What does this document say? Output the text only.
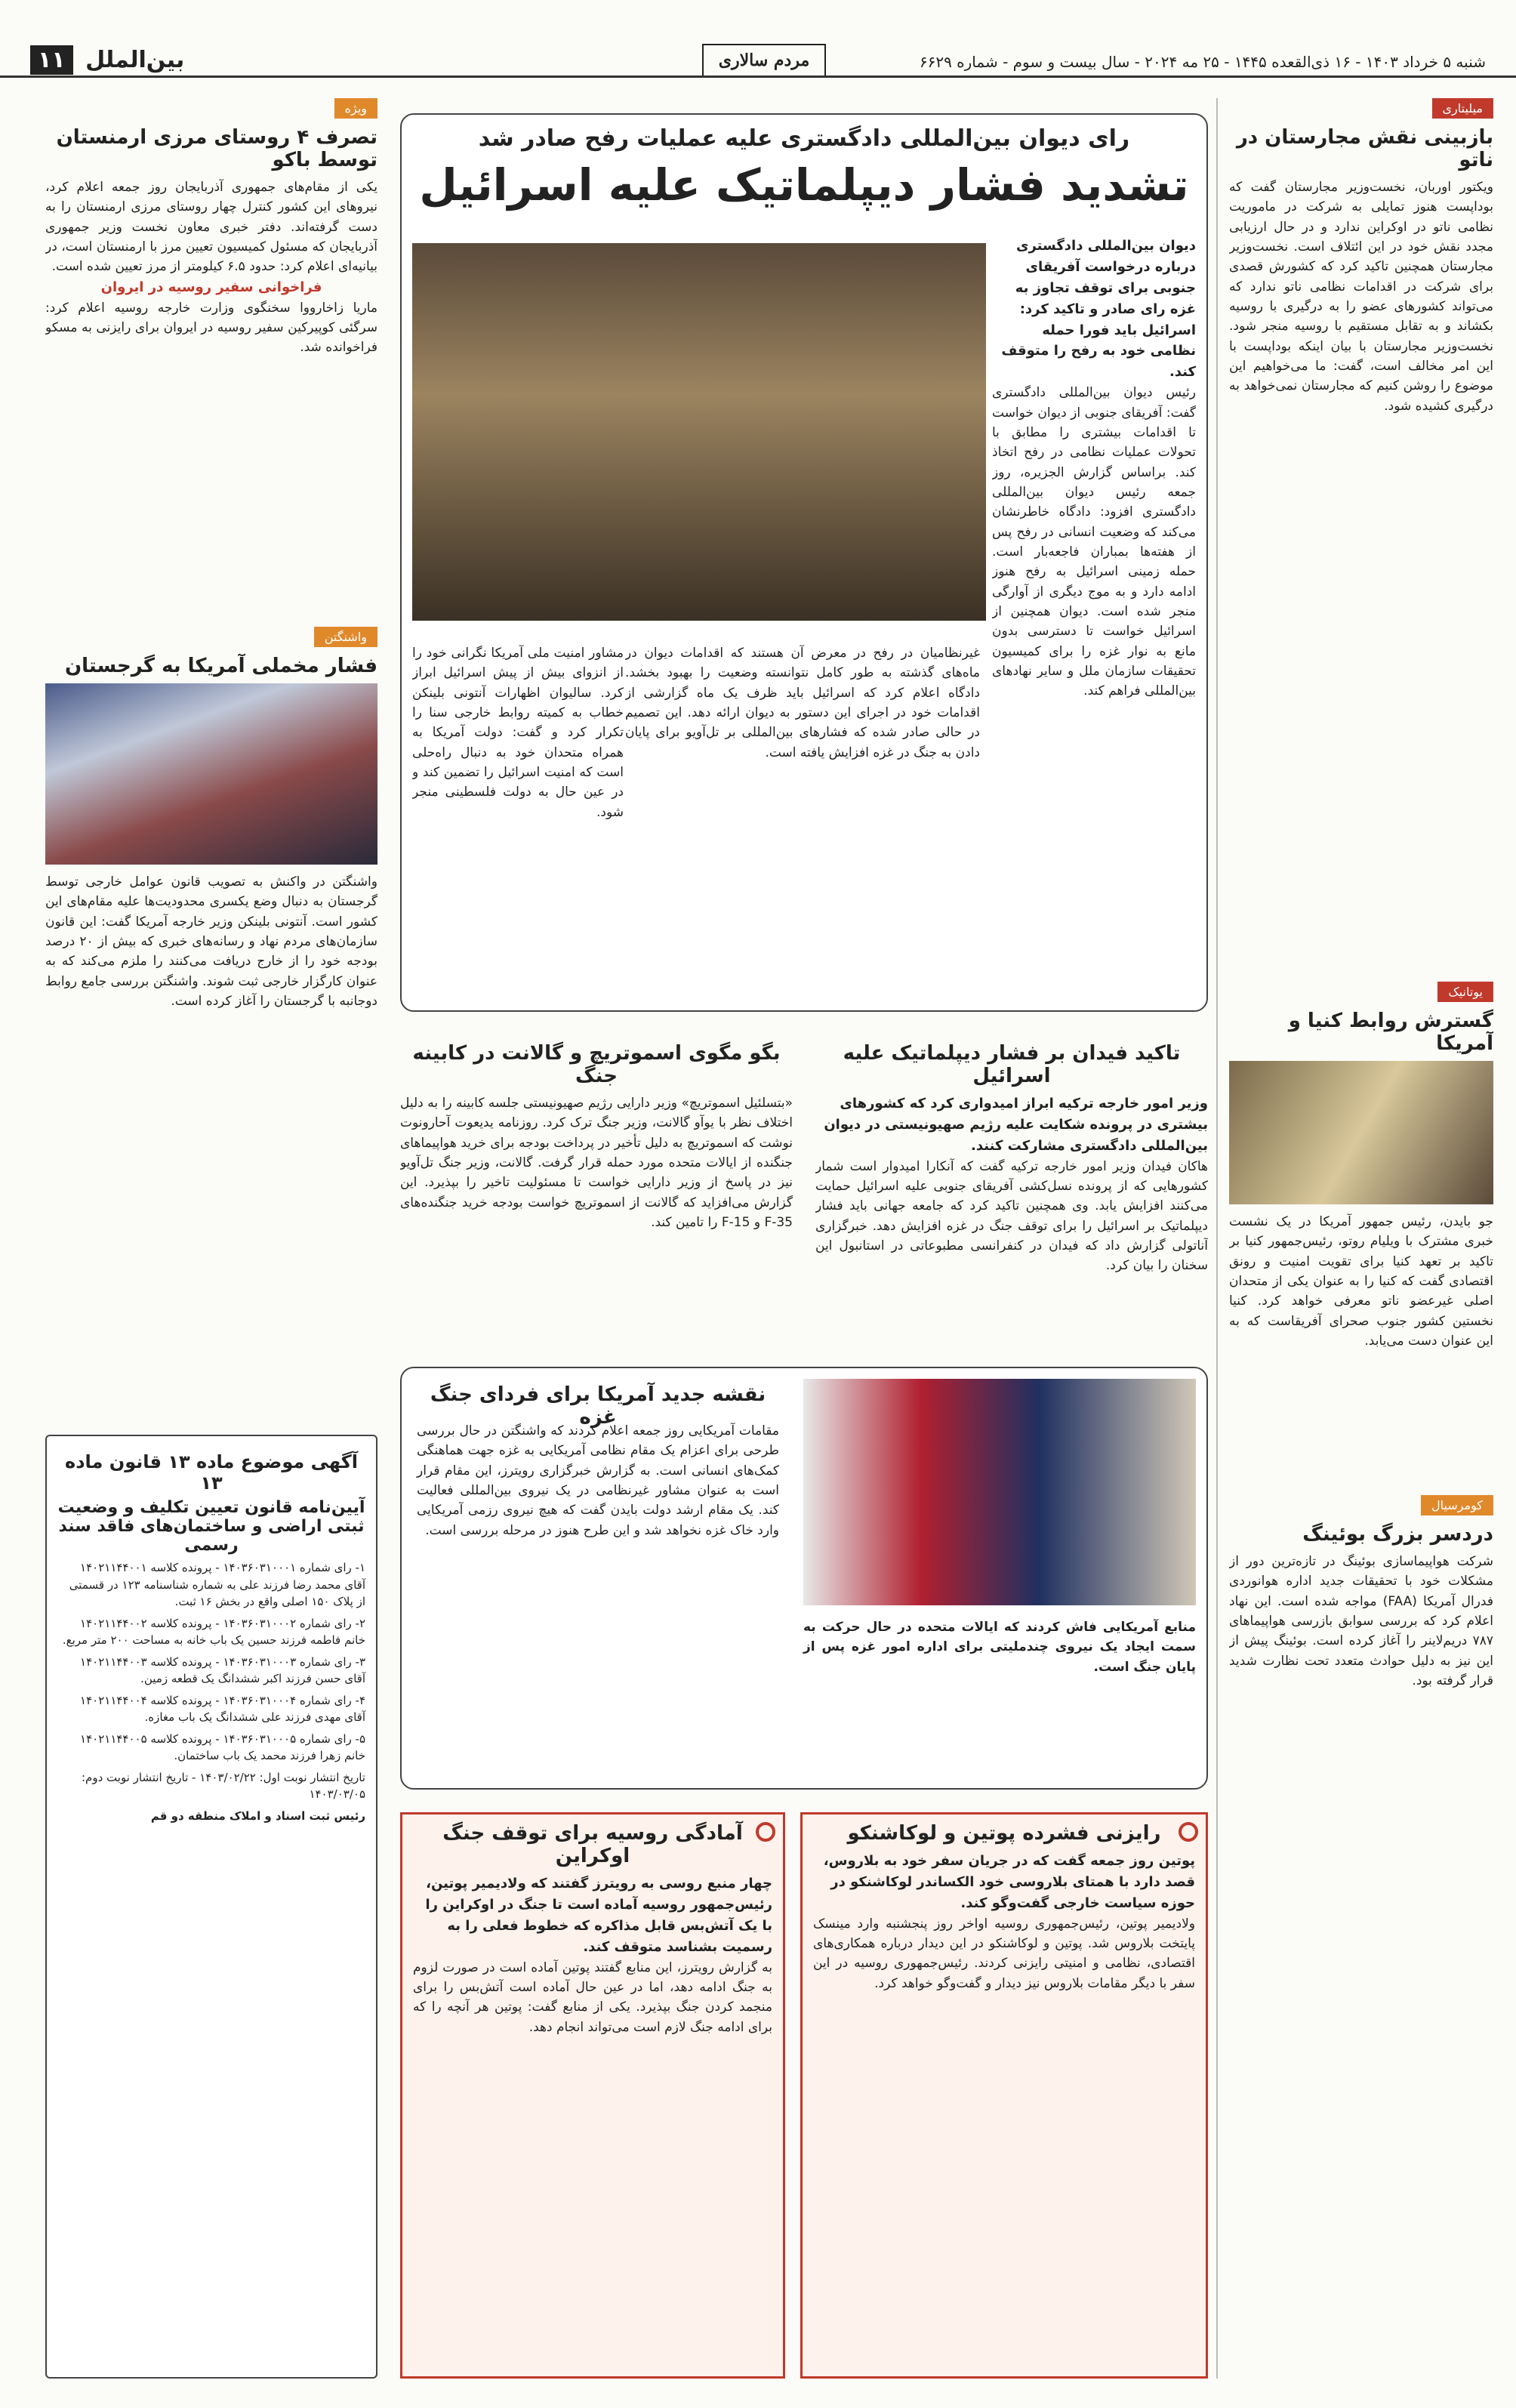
بین‌الملل ۱۱	مردم سالاری	شنبه ۵ خرداد ۱۴۰۳ - ۱۶ ذی‌القعده ۱۴۴۵ - ۲۵ مه ۲۰۲۴ - سال بیست و سوم - شماره ۶۶۲۹
میلیتاری
بازبینی نقش مجارستان در ناتو
ویکتور اوربان، نخست‌وزیر مجارستان گفت که بوداپست هنوز تمایلی به شرکت در ماموریت نظامی ناتو در اوکراین ندارد و در حال ارزیابی مجدد نقش خود در این ائتلاف است. نخست‌وزیر مجارستان همچنین تاکید کرد که کشورش قصدی برای شرکت در اقدامات نظامی ناتو ندارد که می‌تواند کشورهای عضو را به درگیری با روسیه بکشاند و به تقابل مستقیم با روسیه منجر شود. نخست‌وزیر مجارستان با بیان اینکه بوداپست با این امر مخالف است، گفت: ما می‌خواهیم این موضوع را روشن کنیم که مجارستان نمی‌خواهد به درگیری کشیده شود.
یوتانیک
گسترش روابط کنیا و آمریکا
جو بایدن، رئیس جمهور آمریکا در یک نشست خبری مشترک با ویلیام روتو، رئیس‌جمهور کنیا بر تاکید بر تعهد کنیا برای تقویت امنیت و رونق اقتصادی گفت که کنیا را به عنوان یکی از متحدان اصلی غیرعضو ناتو معرفی خواهد کرد. کنیا نخستین کشور جنوب صحرای آفریقاست که به این عنوان دست می‌یابد.
کومرسیال
دردسر بزرگ بوئینگ
شرکت هواپیماسازی بوئینگ در تازه‌ترین دور از مشکلات خود با تحقیقات جدید اداره هوانوردی فدرال آمریکا (FAA) مواجه شده است. این نهاد اعلام کرد که بررسی سوابق بازرسی هواپیماهای ۷۸۷ دریم‌لاینر را آغاز کرده است. بوئینگ پیش از این نیز به دلیل حوادث متعدد تحت نظارت شدید قرار گرفته بود.
رای دیوان بین‌المللی دادگستری علیه عملیات رفح صادر شد
تشدید فشار دیپلماتیک علیه اسرائیل
دیوان بین‌المللی دادگستری درباره درخواست آفریقای جنوبی برای توقف تجاوز به غزه رای صادر و تاکید کرد: اسرائیل باید فورا حمله نظامی خود به رفح را متوقف کند.
رئیس دیوان بین‌المللی دادگستری گفت: آفریقای جنوبی از دیوان خواست تا اقدامات بیشتری را مطابق با تحولات عملیات نظامی در رفح اتخاذ کند. براساس گزارش الجزیره، روز جمعه رئیس دیوان بین‌المللی دادگستری افزود: دادگاه خاطرنشان می‌کند که وضعیت انسانی در رفح پس از هفته‌ها بمباران فاجعه‌بار است. حمله زمینی اسرائیل به رفح هنوز ادامه دارد و به موج دیگری از آوارگی منجر شده است. دیوان همچنین از اسرائیل خواست تا دسترسی بدون مانع به نوار غزه را برای کمیسیون تحقیقات سازمان ملل و سایر نهادهای بین‌المللی فراهم کند.
غیرنظامیان در رفح در معرض آن هستند که اقدامات دیوان در ماه‌های گذشته به طور کامل نتوانسته وضعیت را بهبود بخشد. دادگاه اعلام کرد که اسرائیل باید ظرف یک ماه گزارشی از اقدامات خود در اجرای این دستور به دیوان ارائه دهد. این تصمیم در حالی صادر شده که فشارهای بین‌المللی بر تل‌آویو برای پایان دادن به جنگ در غزه افزایش یافته است.
مشاور امنیت ملی آمریکا نگرانی خود را از انزوای بیش از پیش اسرائیل ابراز کرد. سالیوان اظهارات آنتونی بلینکن خطاب به کمیته روابط خارجی سنا را تکرار کرد و گفت: دولت آمریکا به همراه متحدان خود به دنبال راه‌حلی است که امنیت اسرائیل را تضمین کند و در عین حال به دولت فلسطینی منجر شود.
بگو مگوی اسموتریچ و گالانت در کابینه جنگ
«بتسلئیل اسموتریچ» وزیر دارایی رژیم صهیونیستی جلسه کابینه را به دلیل اختلاف نظر با یوآو گالانت، وزیر جنگ ترک کرد. روزنامه یدیعوت آحارونوت نوشت که اسموتریچ به دلیل تأخیر در پرداخت بودجه برای خرید هواپیماهای جنگنده از ایالات متحده مورد حمله قرار گرفت. گالانت، وزیر جنگ تل‌آویو نیز در پاسخ از وزیر دارایی خواست تا مسئولیت تاخیر را بپذیرد. این گزارش می‌افزاید که گالانت از اسموتریچ خواست بودجه خرید جنگنده‌های F-35 و F-15 را تامین کند.
تاکید فیدان بر فشار دیپلماتیک علیه اسرائیل
وزیر امور خارجه ترکیه ابراز امیدواری کرد که کشورهای بیشتری در پرونده شکایت علیه رژیم صهیونیستی در دیوان بین‌المللی دادگستری مشارکت کنند.
هاکان فیدان وزیر امور خارجه ترکیه گفت که آنکارا امیدوار است شمار کشورهایی که از پرونده نسل‌کشی آفریقای جنوبی علیه اسرائیل حمایت می‌کنند افزایش یابد. وی همچنین تاکید کرد که جامعه جهانی باید فشار دیپلماتیک بر اسرائیل را برای توقف جنگ در غزه افزایش دهد. خبرگزاری آناتولی گزارش داد که فیدان در کنفرانسی مطبوعاتی در استانبول این سخنان را بیان کرد.
نقشه جدید آمریکا برای فردای جنگ غزه
مقامات آمریکایی روز جمعه اعلام کردند که واشنگتن در حال بررسی طرحی برای اعزام یک مقام نظامی آمریکایی به غزه جهت هماهنگی کمک‌های انسانی است. به گزارش خبرگزاری رویترز، این مقام قرار است به عنوان مشاور غیرنظامی در یک نیروی بین‌المللی فعالیت کند. یک مقام ارشد دولت بایدن گفت که هیچ نیروی رزمی آمریکایی وارد خاک غزه نخواهد شد و این طرح هنوز در مرحله بررسی است.
منابع آمریکایی فاش کردند که ایالات متحده در حال حرکت به سمت ایجاد یک نیروی چندملیتی برای اداره امور غزه پس از پایان جنگ است.
ویژه
تصرف ۴ روستای مرزی ارمنستان توسط باکو
یکی از مقام‌های جمهوری آذربایجان روز جمعه اعلام کرد، نیروهای این کشور کنترل چهار روستای مرزی ارمنستان را به دست گرفته‌اند. دفتر خبری معاون نخست وزیر جمهوری آذربایجان که مسئول کمیسیون تعیین مرز با ارمنستان است، در بیانیه‌ای اعلام کرد: حدود ۶.۵ کیلومتر از مرز تعیین شده است.
فراخوانی سفیر روسیه در ایروان
ماریا زاخارووا سخنگوی وزارت خارجه روسیه اعلام کرد: سرگئی کوپیرکین سفیر روسیه در ایروان برای رایزنی به مسکو فراخوانده شد.
واشنگتن
فشار مخملی آمریکا به گرجستان
واشنگتن در واکنش به تصویب قانون عوامل خارجی توسط گرجستان به دنبال وضع یکسری محدودیت‌ها علیه مقام‌های این کشور است. آنتونی بلینکن وزیر خارجه آمریکا گفت: این قانون سازمان‌های مردم نهاد و رسانه‌های خبری که بیش از ۲۰ درصد بودجه خود را از خارج دریافت می‌کنند را ملزم می‌کند که به عنوان کارگزار خارجی ثبت شوند. واشنگتن بررسی جامع روابط دوجانبه با گرجستان را آغاز کرده است.
آگهی موضوع ماده ۱۳ قانون ماده ۱۳
آیین‌نامه قانون تعیین تکلیف و وضعیت ثبتی اراضی و ساختمان‌های فاقد سند رسمی
۱- رای شماره ۱۴۰۳۶۰۳۱۰۰۰۱ - پرونده کلاسه ۱۴۰۲۱۱۴۴۰۰۱ آقای محمد رضا فرزند علی به شماره شناسنامه ۱۲۳ در قسمتی از پلاک ۱۵۰ اصلی واقع در بخش ۱۶ ثبت.
۲- رای شماره ۱۴۰۳۶۰۳۱۰۰۰۲ - پرونده کلاسه ۱۴۰۲۱۱۴۴۰۰۲ خانم فاطمه فرزند حسین یک باب خانه به مساحت ۲۰۰ متر مربع.
۳- رای شماره ۱۴۰۳۶۰۳۱۰۰۰۳ - پرونده کلاسه ۱۴۰۲۱۱۴۴۰۰۳ آقای حسن فرزند اکبر ششدانگ یک قطعه زمین.
۴- رای شماره ۱۴۰۳۶۰۳۱۰۰۰۴ - پرونده کلاسه ۱۴۰۲۱۱۴۴۰۰۴ آقای مهدی فرزند علی ششدانگ یک باب مغازه.
۵- رای شماره ۱۴۰۳۶۰۳۱۰۰۰۵ - پرونده کلاسه ۱۴۰۲۱۱۴۴۰۰۵ خانم زهرا فرزند محمد یک باب ساختمان.
تاریخ انتشار نوبت اول: ۱۴۰۳/۰۲/۲۲ - تاریخ انتشار نوبت دوم: ۱۴۰۳/۰۳/۰۵
رئیس ثبت اسناد و املاک منطقه دو قم
رایزنی فشرده پوتین و لوکاشنکو
پوتین روز جمعه گفت که در جریان سفر خود به بلاروس، قصد دارد با همتای بلاروسی خود الکساندر لوکاشنکو در حوزه سیاست خارجی گفت‌وگو کند.
ولادیمیر پوتین، رئیس‌جمهوری روسیه اواخر روز پنجشنبه وارد مینسک پایتخت بلاروس شد. پوتین و لوکاشنکو در این دیدار درباره همکاری‌های اقتصادی، نظامی و امنیتی رایزنی کردند. رئیس‌جمهوری روسیه در این سفر با دیگر مقامات بلاروس نیز دیدار و گفت‌وگو خواهد کرد.
آمادگی روسیه برای توقف جنگ اوکراین
چهار منبع روسی به رویترز گفتند که ولادیمیر پوتین، رئیس‌جمهور روسیه آماده است تا جنگ در اوکراین را با یک آتش‌بس قابل مذاکره که خطوط فعلی را به رسمیت بشناسد متوقف کند.
به گزارش رویترز، این منابع گفتند پوتین آماده است در صورت لزوم به جنگ ادامه دهد، اما در عین حال آماده است آتش‌بس را برای منجمد کردن جنگ بپذیرد. یکی از منابع گفت: پوتین هر آنچه را که برای ادامه جنگ لازم است می‌تواند انجام دهد.
